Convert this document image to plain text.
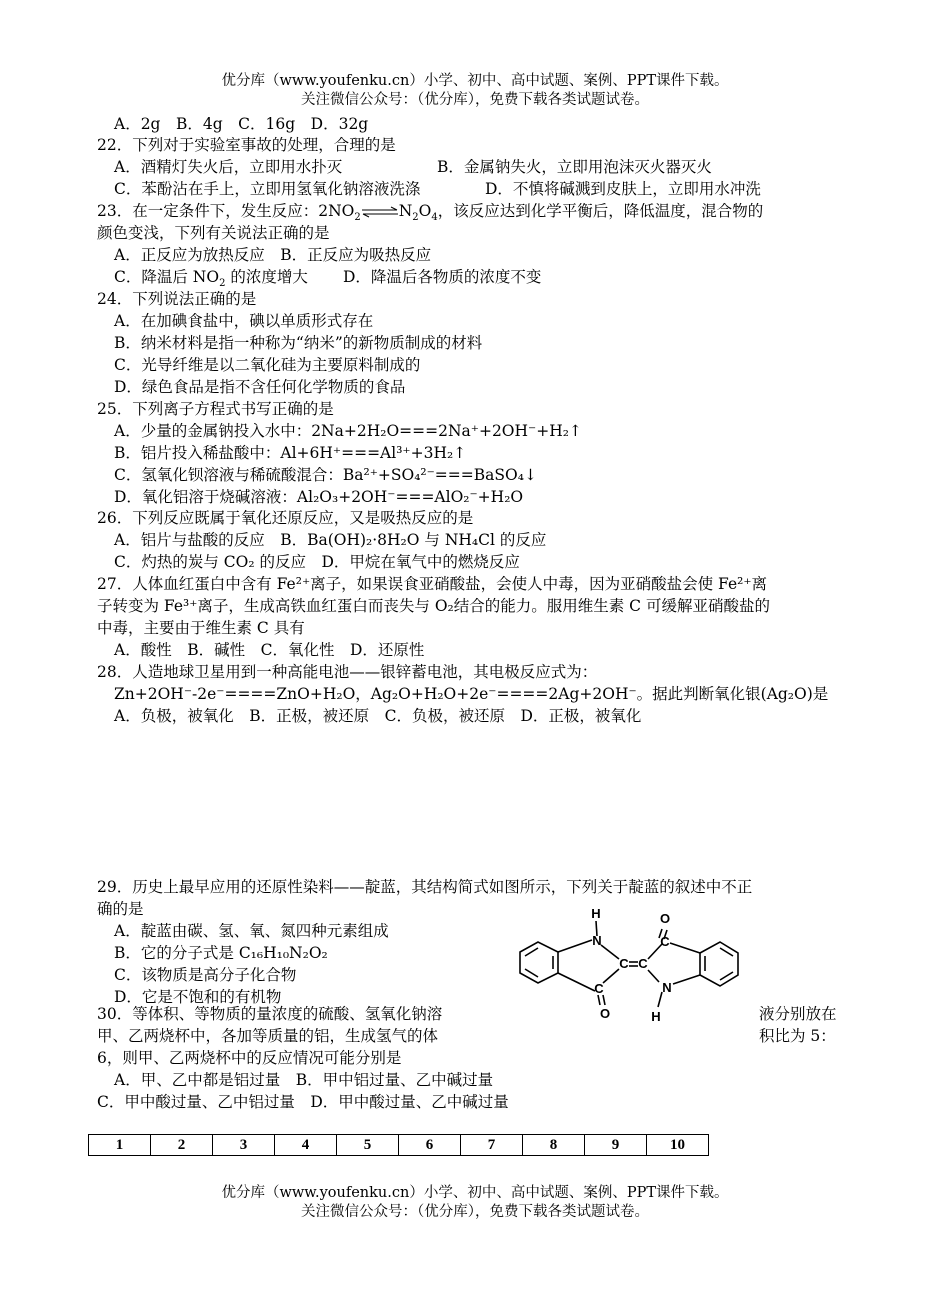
优分库（www.youfenku.cn）小学、初中、高中试题、案例、PPT课件下载。
关注微信公众号：（优分库），免费下载各类试题试卷。
A．2g　B．4g　C．16g　D．32g
22．下列对于实验室事故的处理，合理的是
A．酒精灯失火后，立即用水扑灭	B．金属钠失火，立即用泡沫灭火器灭火
C．苯酚沾在手上，立即用氢氧化钠溶液洗涤	D．不慎将碱溅到皮肤上，立即用水冲洗
23．在一定条件下，发生反应：$2NO_2\rightleftharpoons N_2O_4$，该反应达到化学平衡后，降低温度，混合物的
颜色变浅，下列有关说法正确的是
A．正反应为放热反应　B．正反应为吸热反应
C．降温后 $NO_2$ 的浓度增大 D．降温后各物质的浓度不变
24．下列说法正确的是
A．在加碘食盐中，碘以单质形式存在
B．纳米材料是指一种称为“纳米”的新物质制成的材料
C．光导纤维是以二氧化硅为主要原料制成的
D．绿色食品是指不含任何化学物质的食品
25．下列离子方程式书写正确的是
A．少量的金属钠投入水中：2Na+2H₂O===2Na⁺+2OH⁻+H₂↑
B．铝片投入稀盐酸中：Al+6H⁺===Al³⁺+3H₂↑
C．氢氧化钡溶液与稀硫酸混合：Ba²⁺+SO₄²⁻===BaSO₄↓
D．氧化铝溶于烧碱溶液：Al₂O₃+2OH⁻===AlO₂⁻+H₂O
26．下列反应既属于氧化还原反应，又是吸热反应的是
A．铝片与盐酸的反应　B．Ba(OH)₂·8H₂O 与 NH₄Cl 的反应
C．灼热的炭与 CO₂ 的反应　D．甲烷在氧气中的燃烧反应
27．人体血红蛋白中含有 Fe²⁺离子，如果误食亚硝酸盐，会使人中毒，因为亚硝酸盐会使 Fe²⁺离
子转变为 Fe³⁺离子，生成高铁血红蛋白而丧失与 O₂结合的能力。服用维生素 C 可缓解亚硝酸盐的
中毒，主要由于维生素 C 具有
A．酸性　B．碱性　C．氧化性　D．还原性
28．人造地球卫星用到一种高能电池——银锌蓄电池，其电极反应式为：
Zn+2OH⁻-2e⁻====ZnO+H₂O，Ag₂O+H₂O+2e⁻====2Ag+2OH⁻。据此判断氧化银(Ag₂O)是
A．负极，被氧化　B．正极，被还原　C．负极，被还原　D．正极，被氧化
29．历史上最早应用的还原性染料——靛蓝，其结构简式如图所示，下列关于靛蓝的叙述中不正
确的是
A．靛蓝由碳、氢、氧、氮四种元素组成
B．它的分子式是 C₁₆H₁₀N₂O₂
C．该物质是高分子化合物
D．它是不饱和的有机物
H
N
C C
O
C
C
N
O	H
30．等体积、等物质的量浓度的硫酸、氢氧化钠溶	液分别放在
甲、乙两烧杯中，各加等质量的铝，生成氢气的体	积比为 5：
6，则甲、乙两烧杯中的反应情况可能分别是
A．甲、乙中都是铝过量　B．甲中铝过量、乙中碱过量
C．甲中酸过量、乙中铝过量　D．甲中酸过量、乙中碱过量
1	2	3	4	5	6	7	8	9	10
优分库（www.youfenku.cn）小学、初中、高中试题、案例、PPT课件下载。
关注微信公众号：（优分库），免费下载各类试题试卷。
